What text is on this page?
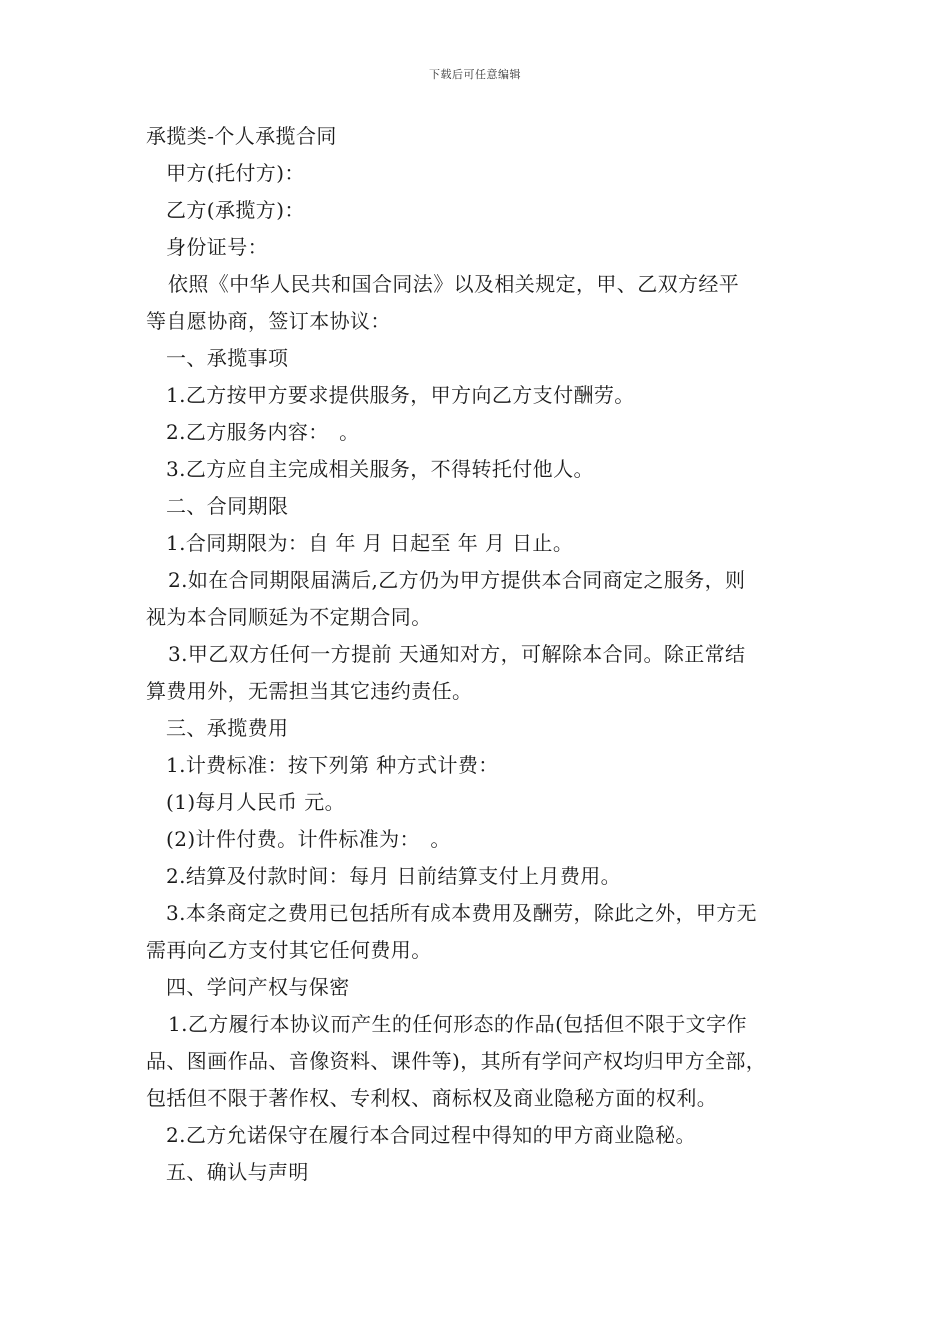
下载后可任意编辑
承揽类-个人承揽合同
甲方(托付方)：
乙方(承揽方)：
身份证号：
依照《中华人民共和国合同法》以及相关规定，甲、乙双方经平
等自愿协商，签订本协议：
一、承揽事项
1.乙方按甲方要求提供服务，甲方向乙方支付酬劳。
2.乙方服务内容：　。
3.乙方应自主完成相关服务，不得转托付他人。
二、合同期限
1.合同期限为：自 年 月 日起至 年 月 日止。
2.如在合同期限届满后,乙方仍为甲方提供本合同商定之服务，则
视为本合同顺延为不定期合同。
3.甲乙双方任何一方提前 天通知对方，可解除本合同。除正常结
算费用外，无需担当其它违约责任。
三、承揽费用
1.计费标准：按下列第 种方式计费：
(1)每月人民币 元。
(2)计件付费。计件标准为：　。
2.结算及付款时间：每月 日前结算支付上月费用。
3.本条商定之费用已包括所有成本费用及酬劳，除此之外，甲方无
需再向乙方支付其它任何费用。
四、学问产权与保密
1.乙方履行本协议而产生的任何形态的作品(包括但不限于文字作
品、图画作品、音像资料、课件等)，其所有学问产权均归甲方全部，
包括但不限于著作权、专利权、商标权及商业隐秘方面的权利。
2.乙方允诺保守在履行本合同过程中得知的甲方商业隐秘。
五、确认与声明
